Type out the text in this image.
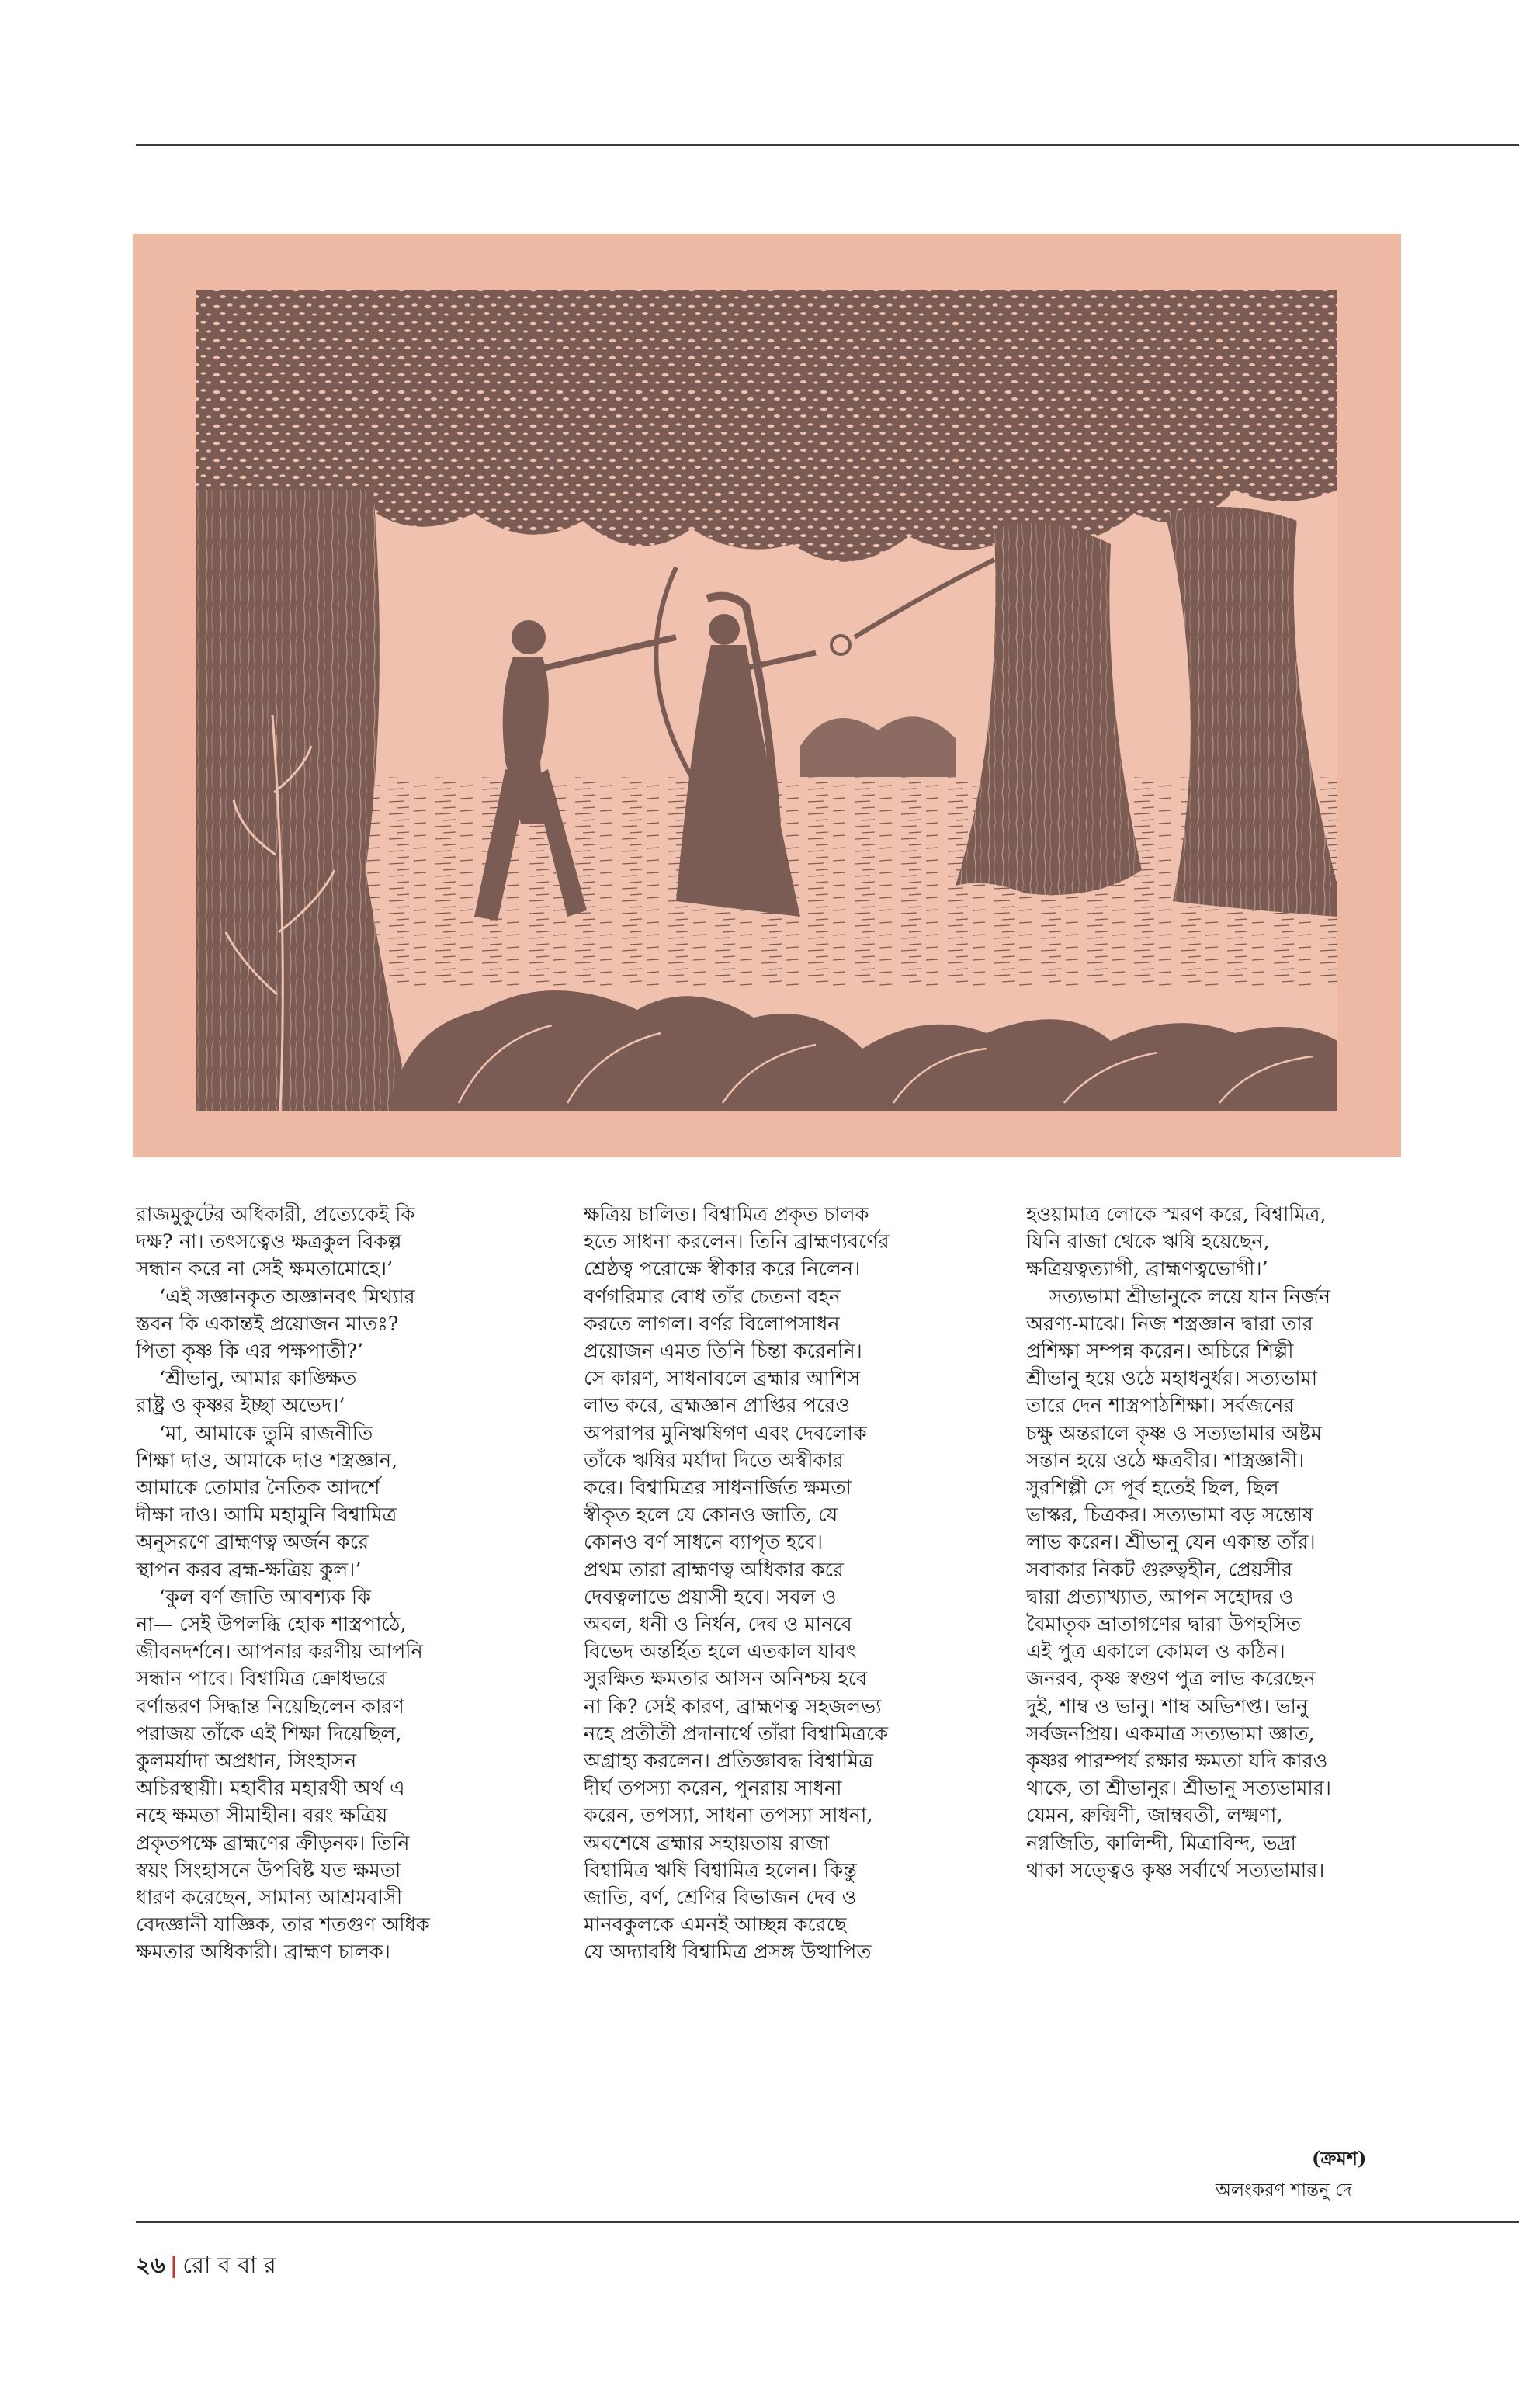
রাজমুকুটের অধিকারী, প্রত্যেকেই কি
দক্ষ? না। তৎসত্বেও ক্ষত্রকুল বিকল্প
সন্ধান করে না সেই ক্ষমতামোহে।’
‘এই সজ্ঞানকৃত অজ্ঞানবৎ মিথ্যার
স্তবন কি একান্তই প্রয়োজন মাতঃ?
পিতা কৃষ্ণ কি এর পক্ষপাতী?’
‘শ্রীভানু, আমার কাঙ্ক্ষিত
রাষ্ট্র ও কৃষ্ণর ইচ্ছা অভেদ।’
‘মা, আমাকে তুমি রাজনীতি
শিক্ষা দাও, আমাকে দাও শস্ত্রজ্ঞান,
আমাকে তোমার নৈতিক আদর্শে
দীক্ষা দাও। আমি মহামুনি বিশ্বামিত্র
অনুসরণে ব্রাহ্মণত্ব অর্জন করে
স্থাপন করব ব্রহ্ম-ক্ষত্রিয় কুল।’
‘কুল বর্ণ জাতি আবশ্যক কি
না— সেই উপলব্ধি হোক শাস্ত্রপাঠে,
জীবনদর্শনে। আপনার করণীয় আপনি
সন্ধান পাবে। বিশ্বামিত্র ক্রোধভরে
বর্ণান্তরণ সিদ্ধান্ত নিয়েছিলেন কারণ
পরাজয় তাঁকে এই শিক্ষা দিয়েছিল,
কুলমর্যাদা অপ্রধান, সিংহাসন
অচিরস্থায়ী। মহাবীর মহারথী অর্থ এ
নহে ক্ষমতা সীমাহীন। বরং ক্ষত্রিয়
প্রকৃতপক্ষে ব্রাহ্মণের ক্রীড়নক। তিনি
স্বয়ং সিংহাসনে উপবিষ্ট যত ক্ষমতা
ধারণ করেছেন, সামান্য আশ্রমবাসী
বেদজ্ঞানী যাজ্ঞিক, তার শতগুণ অধিক
ক্ষমতার অধিকারী। ব্রাহ্মণ চালক।
ক্ষত্রিয় চালিত। বিশ্বামিত্র প্রকৃত চালক
হতে সাধনা করলেন। তিনি ব্রাহ্মণ্যবর্ণের
শ্রেষ্ঠত্ব পরোক্ষে স্বীকার করে নিলেন।
বর্ণগরিমার বোধ তাঁর চেতনা বহন
করতে লাগল। বর্ণর বিলোপসাধন
প্রয়োজন এমত তিনি চিন্তা করেননি।
সে কারণ, সাধনাবলে ব্রহ্মার আশিস
লাভ করে, ব্রহ্মজ্ঞান প্রাপ্তির পরেও
অপরাপর মুনিঋষিগণ এবং দেবলোক
তাঁকে ঋষির মর্যাদা দিতে অস্বীকার
করে। বিশ্বামিত্রর সাধনার্জিত ক্ষমতা
স্বীকৃত হলে যে কোনও জাতি, যে
কোনও বর্ণ সাধনে ব্যাপৃত হবে।
প্রথম তারা ব্রাহ্মণত্ব অধিকার করে
দেবত্বলাভে প্রয়াসী হবে। সবল ও
অবল, ধনী ও নির্ধন, দেব ও মানবে
বিভেদ অন্তর্হিত হলে এতকাল যাবৎ
সুরক্ষিত ক্ষমতার আসন অনিশ্চয় হবে
না কি? সেই কারণ, ব্রাহ্মণত্ব সহজলভ্য
নহে প্রতীতী প্রদানার্থে তাঁরা বিশ্বামিত্রকে
অগ্রাহ্য করলেন। প্রতিজ্ঞাবদ্ধ বিশ্বামিত্র
দীর্ঘ তপস্যা করেন, পুনরায় সাধনা
করেন, তপস্যা, সাধনা তপস্যা সাধনা,
অবশেষে ব্রহ্মার সহায়তায় রাজা
বিশ্বামিত্র ঋষি বিশ্বামিত্র হলেন। কিন্তু
জাতি, বর্ণ, শ্রেণির বিভাজন দেব ও
মানবকুলকে এমনই আচ্ছন্ন করেছে
যে অদ্যাবধি বিশ্বামিত্র প্রসঙ্গ উত্থাপিত
হওয়ামাত্র লোকে স্মরণ করে, বিশ্বামিত্র,
যিনি রাজা থেকে ঋষি হয়েছেন,
ক্ষত্রিয়ত্বত্যাগী, ব্রাহ্মণত্বভোগী।’
সত্যভামা শ্রীভানুকে লয়ে যান নির্জন
অরণ্য-মাঝে। নিজ শস্ত্রজ্ঞান দ্বারা তার
প্রশিক্ষা সম্পন্ন করেন। অচিরে শিল্পী
শ্রীভানু হয়ে ওঠে মহাধনুর্ধর। সত্যভামা
তারে দেন শাস্ত্রপাঠশিক্ষা। সর্বজনের
চক্ষু অন্তরালে কৃষ্ণ ও সত্যভামার অষ্টম
সন্তান হয়ে ওঠে ক্ষত্রবীর। শাস্ত্রজ্ঞানী।
সুরশিল্পী সে পূর্ব হতেই ছিল, ছিল
ভাস্কর, চিত্রকর। সত্যভামা বড় সন্তোষ
লাভ করেন। শ্রীভানু যেন একান্ত তাঁর।
সবাকার নিকট গুরুত্বহীন, প্রেয়সীর
দ্বারা প্রত্যাখ্যাত, আপন সহোদর ও
বৈমাতৃক ভ্রাতাগণের দ্বারা উপহসিত
এই পুত্র একালে কোমল ও কঠিন।
জনরব, কৃষ্ণ স্বগুণ পুত্র লাভ করেছেন
দুই, শাম্ব ও ভানু। শাম্ব অভিশপ্ত। ভানু
সর্বজনপ্রিয়। একমাত্র সত্যভামা জ্ঞাত,
কৃষ্ণর পারম্পর্য রক্ষার ক্ষমতা যদি কারও
থাকে, তা শ্রীভানুর। শ্রীভানু সত্যভামার।
যেমন, রুক্মিণী, জাম্ববতী, লক্ষ্মণা,
নগ্নজিতি, কালিন্দী, মিত্রাবিন্দ, ভদ্রা
থাকা সত্ত্বেও কৃষ্ণ সর্বার্থে সত্যভামার।
(ক্রমশ)
অলংকরণ শান্তনু দে
২৬ | রো ব বা র
